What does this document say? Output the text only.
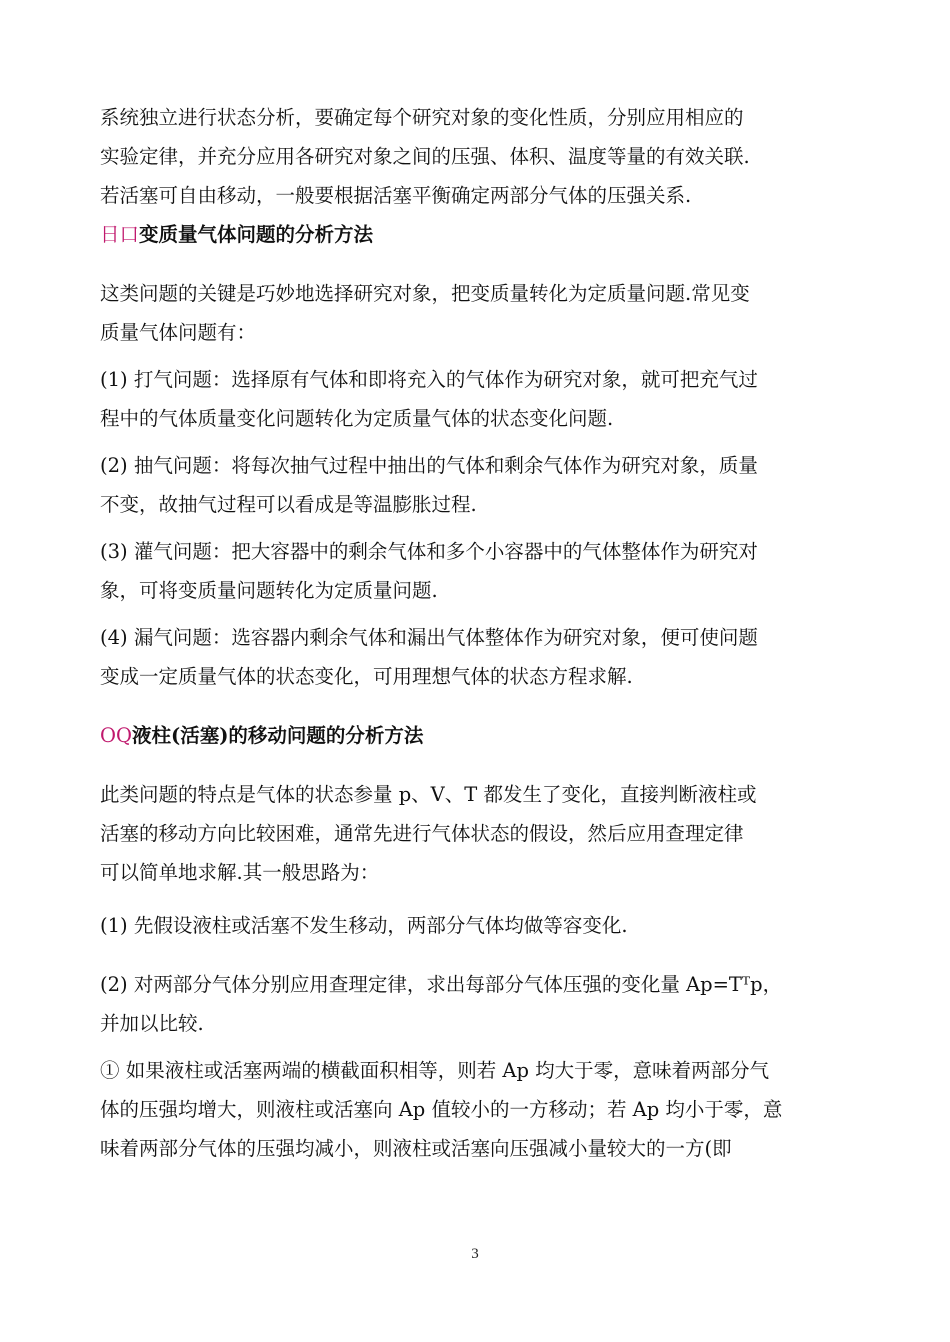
系统独立进行状态分析，要确定每个研究对象的变化性质，分别应用相应的

实验定律，并充分应用各研究对象之间的压强、体积、温度等量的有效关联.

若活塞可自由移动，一般要根据活塞平衡确定两部分气体的压强关系.

日口变质量气体问题的分析方法

这类问题的关键是巧妙地选择研究对象，把变质量转化为定质量问题.常见变

质量气体问题有：

(1) 打气问题：选择原有气体和即将充入的气体作为研究对象，就可把充气过

程中的气体质量变化问题转化为定质量气体的状态变化问题.

(2) 抽气问题：将每次抽气过程中抽出的气体和剩余气体作为研究对象，质量

不变，故抽气过程可以看成是等温膨胀过程.

(3) 灌气问题：把大容器中的剩余气体和多个小容器中的气体整体作为研究对

象，可将变质量问题转化为定质量问题.

(4) 漏气问题：选容器内剩余气体和漏出气体整体作为研究对象，便可使问题

变成一定质量气体的状态变化，可用理想气体的状态方程求解.

OQ液柱(活塞)的移动问题的分析方法

此类问题的特点是气体的状态参量 p、V、T 都发生了变化，直接判断液柱或

活塞的移动方向比较困难，通常先进行气体状态的假设，然后应用查理定律

可以简单地求解.其一般思路为：

(1) 先假设液柱或活塞不发生移动，两部分气体均做等容变化.

(2) 对两部分气体分别应用查理定律，求出每部分气体压强的变化量 Ap=Tᵀp，

并加以比较.

① 如果液柱或活塞两端的横截面积相等，则若 Ap 均大于零，意味着两部分气

体的压强均增大，则液柱或活塞向 Ap 值较小的一方移动；若 Ap 均小于零，意

味着两部分气体的压强均减小，则液柱或活塞向压强减小量较大的一方(即

3
